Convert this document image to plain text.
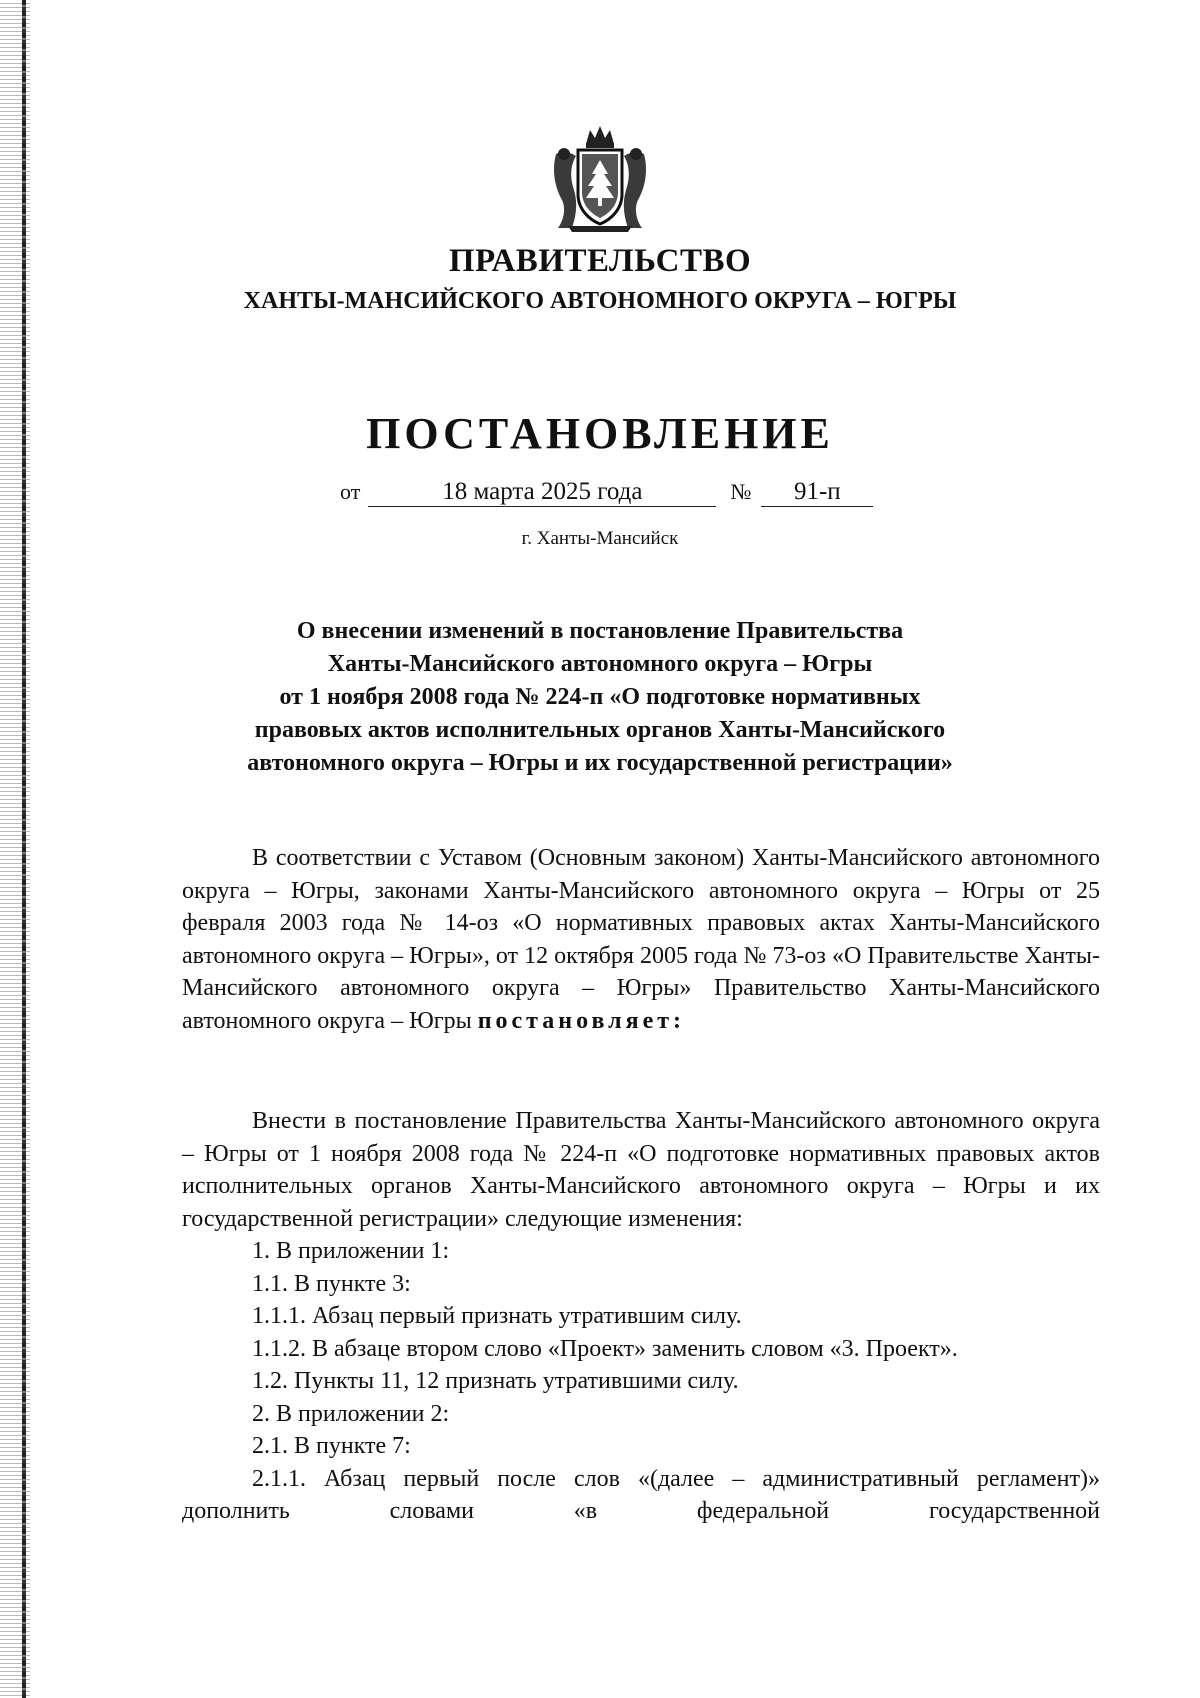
ПРАВИТЕЛЬСТВО
ХАНТЫ-МАНСИЙСКОГО АВТОНОМНОГО ОКРУГА – ЮГРЫ
ПОСТАНОВЛЕНИЕ
от	18 марта 2025 года	№ 91-п
г. Ханты-Мансийск
О внесении изменений в постановление Правительства
Ханты-Мансийского автономного округа – Югры
от 1 ноября 2008 года № 224-п «О подготовке нормативных
правовых актов исполнительных органов Ханты-Мансийского
автономного округа – Югры и их государственной регистрации»

В соответствии с Уставом (Основным законом) Ханты-Мансийского автономного округа – Югры, законами Ханты-Мансийского автономного округа – Югры от 25 февраля 2003 года № 14-оз «О нормативных правовых актах Ханты-Мансийского автономного округа – Югры», от 12 октября 2005 года № 73-оз «О Правительстве Ханты-Мансийского автономного округа – Югры» Правительство Ханты-Мансийского автономного округа – Югры постановляет:

Внести в постановление Правительства Ханты-Мансийского автономного округа – Югры от 1 ноября 2008 года № 224-п «О подготовке нормативных правовых актов исполнительных органов Ханты-Мансийского автономного округа – Югры и их государственной регистрации» следующие изменения:

1. В приложении 1:

1.1. В пункте 3:

1.1.1. Абзац первый признать утратившим силу.

1.1.2. В абзаце втором слово «Проект» заменить словом «3. Проект».

1.2. Пункты 11, 12 признать утратившими силу.

2. В приложении 2:

2.1. В пункте 7:

2.1.1. Абзац первый после слов «(далее – административный регламент)» дополнить словами «в федеральной государственной
